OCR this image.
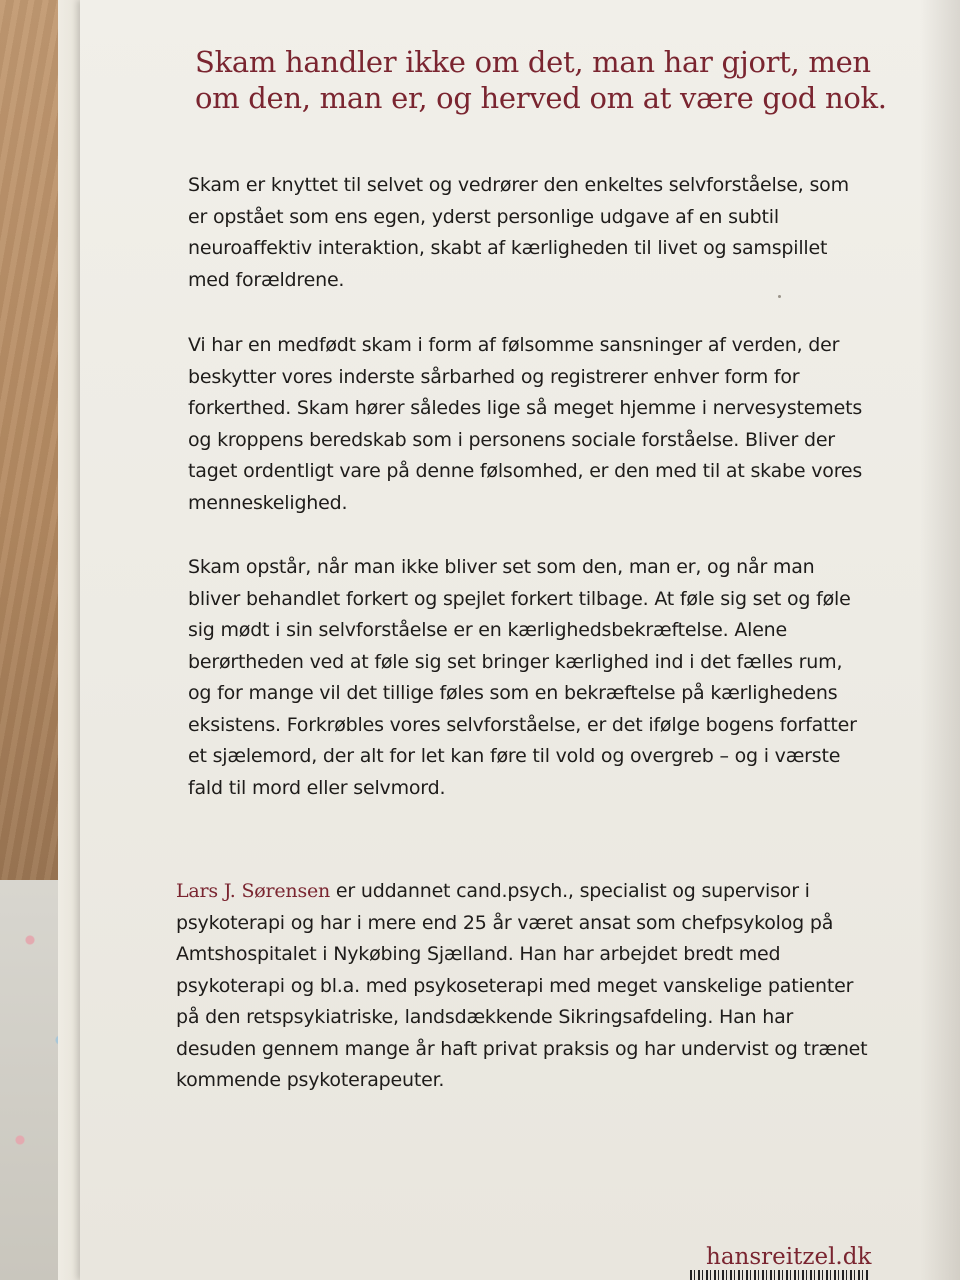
Skam handler ikke om det, man har gjort, men
om den, man er, og herved om at være god nok.

Skam er knyttet til selvet og vedrører den enkeltes selvforståelse, som er opstået som ens egen, yderst personlige udgave af en subtil neuroaffektiv interaktion, skabt af kærligheden til livet og samspillet med forældrene.

Vi har en medfødt skam i form af følsomme sansninger af verden, der beskytter vores inderste sårbarhed og registrerer enhver form for forkerthed. Skam hører således lige så meget hjemme i nervesystemets og kroppens beredskab som i personens sociale forståelse. Bliver der taget ordentligt vare på denne følsomhed, er den med til at skabe vores menneskelighed.

Skam opstår, når man ikke bliver set som den, man er, og når man bliver behandlet forkert og spejlet forkert tilbage. At føle sig set og føle sig mødt i sin selvforståelse er en kærlighedsbekræftelse. Alene berørtheden ved at føle sig set bringer kærlighed ind i det fælles rum, og for mange vil det tillige føles som en bekræftelse på kærlighedens eksistens. Forkrøbles vores selvforståelse, er det ifølge bogens forfatter et sjælemord, der alt for let kan føre til vold og overgreb – og i værste fald til mord eller selvmord.

Lars J. Sørensen er uddannet cand.psych., specialist og supervisor i psykoterapi og har i mere end 25 år været ansat som chefpsykolog på Amtshospitalet i Nykøbing Sjælland. Han har arbejdet bredt med psykoterapi og bl.a. med psykoseterapi med meget vanskelige patienter på den retspsykiatriske, landsdækkende Sikringsafdeling. Han har desuden gennem mange år haft privat praksis og har undervist og trænet kommende psykoterapeuter.

hansreitzel.dk
